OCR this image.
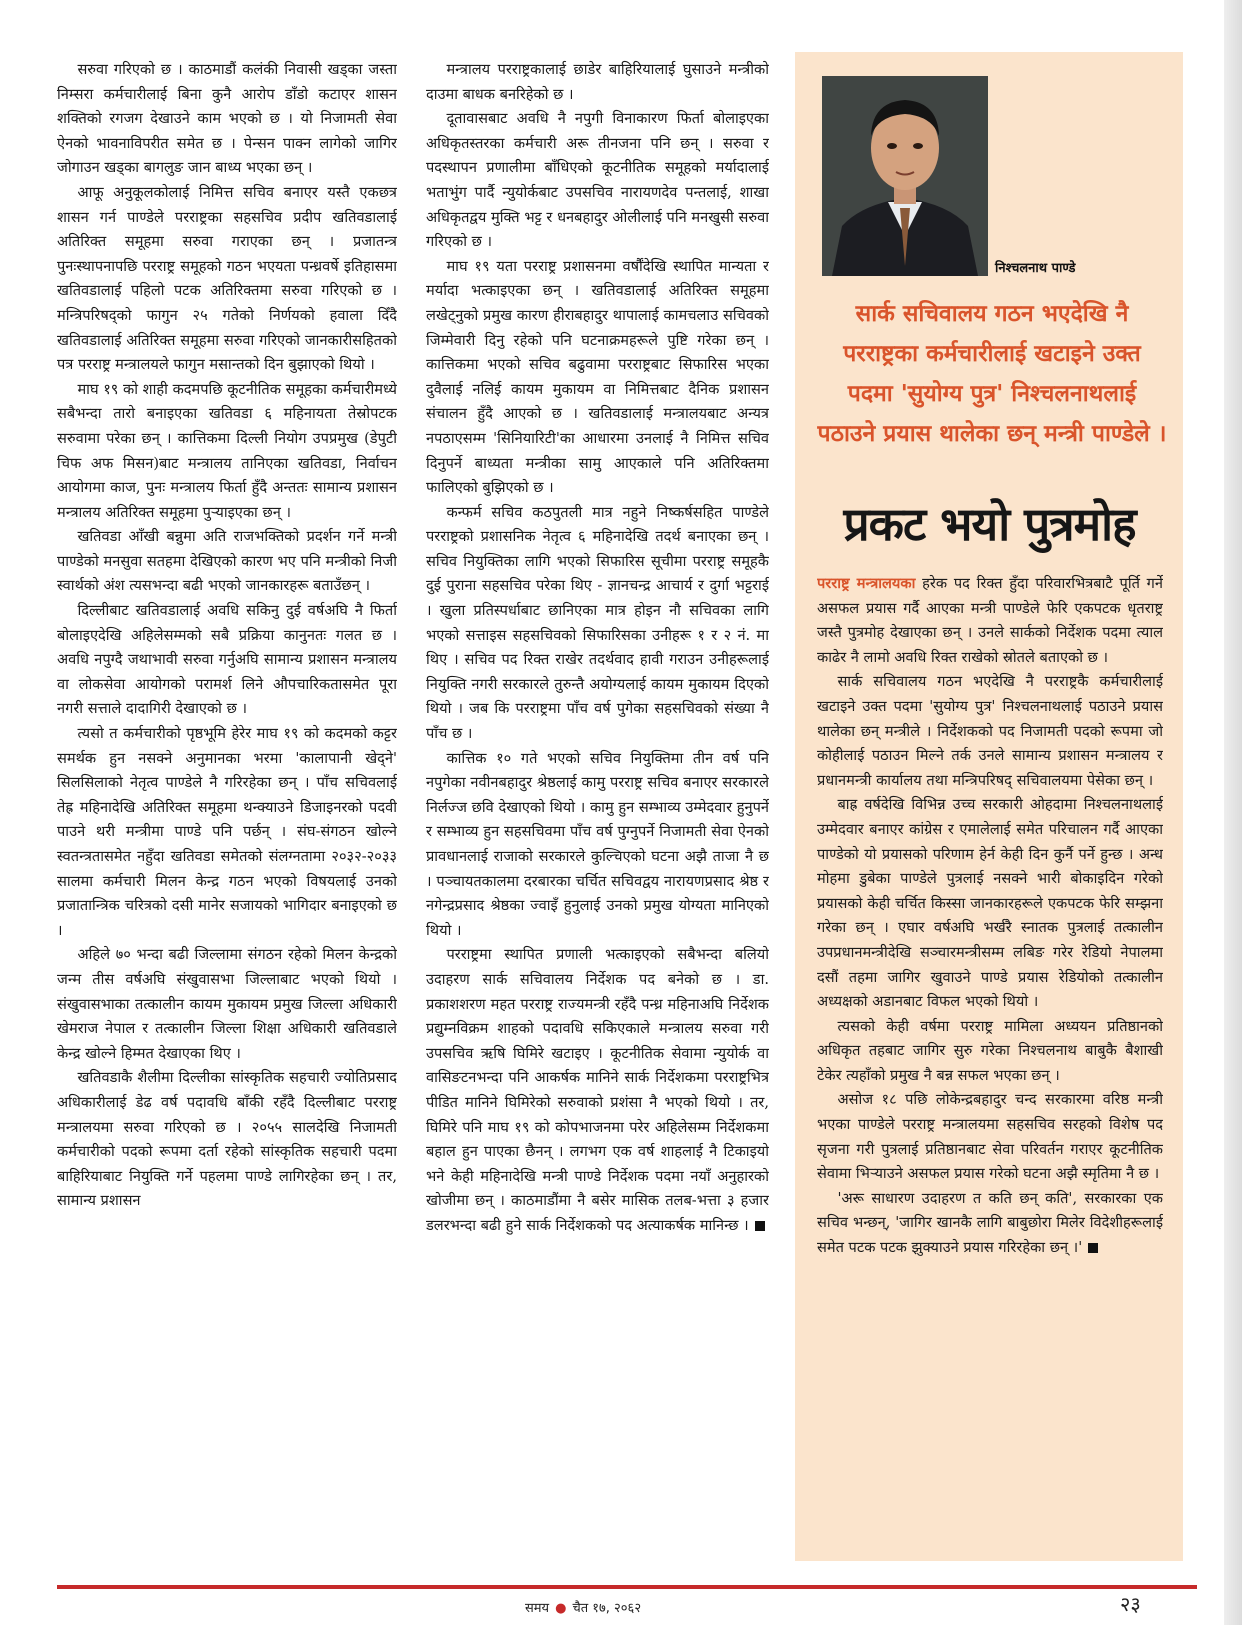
सरुवा गरिएको छ । काठमाडौं कलंकी निवासी खड्का जस्ता निम्सरा कर्मचारीलाई बिना कुनै आरोप डाँडो कटाएर शासन शक्तिको रगजग देखाउने काम भएको छ । यो निजामती सेवा ऐनको भावनाविपरीत समेत छ । पेन्सन पाक्न लागेको जागिर जोगाउन खड्का बागलुङ जान बाध्य भएका छन् ।

आफू अनुकूलकोलाई निमित्त सचिव बनाएर यस्तै एकछत्र शासन गर्न पाण्डेले परराष्ट्रका सहसचिव प्रदीप खतिवडालाई अतिरिक्त समूहमा सरुवा गराएका छन् । प्रजातन्त्र पुनःस्थापनापछि परराष्ट्र समूहको गठन भएयता पन्ध्रवर्षे इतिहासमा खतिवडालाई पहिलो पटक अतिरिक्तमा सरुवा गरिएको छ । मन्त्रिपरिषद्को फागुन २५ गतेको निर्णयको हवाला दिँदै खतिवडालाई अतिरिक्त समूहमा सरुवा गरिएको जानकारीसहितको पत्र परराष्ट्र मन्त्रालयले फागुन मसान्तको दिन बुझाएको थियो ।

माघ १९ को शाही कदमपछि कूटनीतिक समूहका कर्मचारीमध्ये सबैभन्दा तारो बनाइएका खतिवडा ६ महिनायता तेस्रोपटक सरुवामा परेका छन् । कात्तिकमा दिल्ली नियोग उपप्रमुख (डेपुटी चिफ अफ मिसन)बाट मन्त्रालय तानिएका खतिवडा, निर्वाचन आयोगमा काज, पुनः मन्त्रालय फिर्ता हुँदै अन्ततः सामान्य प्रशासन मन्त्रालय अतिरिक्त समूहमा पुऱ्याइएका छन् ।

खतिवडा आँखी बन्नुमा अति राजभक्तिको प्रदर्शन गर्ने मन्त्री पाण्डेको मनसुवा सतहमा देखिएको कारण भए पनि मन्त्रीको निजी स्वार्थको अंश त्यसभन्दा बढी भएको जानकारहरू बताउँछन् ।

दिल्लीबाट खतिवडालाई अवधि सकिनु दुई वर्षअघि नै फिर्ता बोलाइएदेखि अहिलेसम्मको सबै प्रक्रिया कानुनतः गलत छ । अवधि नपुग्दै जथाभावी सरुवा गर्नुअघि सामान्य प्रशासन मन्त्रालय वा लोकसेवा आयोगको परामर्श लिने औपचारिकतासमेत पूरा नगरी सत्ताले दादागिरी देखाएको छ ।

त्यसो त कर्मचारीको पृष्ठभूमि हेरेर माघ १९ को कदमको कट्टर समर्थक हुन नसक्ने अनुमानका भरमा 'कालापानी खेद्ने' सिलसिलाको नेतृत्व पाण्डेले नै गरिरहेका छन् । पाँच सचिवलाई तेह्र महिनादेखि अतिरिक्त समूहमा थन्क्याउने डिजाइनरको पदवी पाउने थरी मन्त्रीमा पाण्डे पनि पर्छन् । संघ-संगठन खोल्ने स्वतन्त्रतासमेत नहुँदा खतिवडा समेतको संलग्नतामा २०३२-२०३३ सालमा कर्मचारी मिलन केन्द्र गठन भएको विषयलाई उनको प्रजातान्त्रिक चरित्रको दसी मानेर सजायको भागिदार बनाइएको छ ।

अहिले ७० भन्दा बढी जिल्लामा संगठन रहेको मिलन केन्द्रको जन्म तीस वर्षअघि संखुवासभा जिल्लाबाट भएको थियो । संखुवासभाका तत्कालीन कायम मुकायम प्रमुख जिल्ला अधिकारी खेमराज नेपाल र तत्कालीन जिल्ला शिक्षा अधिकारी खतिवडाले केन्द्र खोल्ने हिम्मत देखाएका थिए ।

खतिवडाकै शैलीमा दिल्लीका सांस्कृतिक सहचारी ज्योतिप्रसाद अधिकारीलाई डेढ वर्ष पदावधि बाँकी रहँदै दिल्लीबाट परराष्ट्र मन्त्रालयमा सरुवा गरिएको छ । २०५५ सालदेखि निजामती कर्मचारीको पदको रूपमा दर्ता रहेको सांस्कृतिक सहचारी पदमा बाहिरियाबाट नियुक्ति गर्ने पहलमा पाण्डे लागिरहेका छन् । तर, सामान्य प्रशासन

मन्त्रालय परराष्ट्रकालाई छाडेर बाहिरियालाई घुसाउने मन्त्रीको दाउमा बाधक बनरिहेको छ ।

दूतावासबाट अवधि नै नपुगी विनाकारण फिर्ता बोलाइएका अधिकृतस्तरका कर्मचारी अरू तीनजना पनि छन् । सरुवा र पदस्थापन प्रणालीमा बाँधिएको कूटनीतिक समूहको मर्यादालाई भताभुंग पार्दै न्युयोर्कबाट उपसचिव नारायणदेव पन्तलाई, शाखा अधिकृतद्वय मुक्ति भट्ट र धनबहादुर ओलीलाई पनि मनखुसी सरुवा गरिएको छ ।

माघ १९ यता परराष्ट्र प्रशासनमा वर्षौंदेखि स्थापित मान्यता र मर्यादा भत्काइएका छन् । खतिवडालाई अतिरिक्त समूहमा लखेट्नुको प्रमुख कारण हीराबहादुर थापालाई कामचलाउ सचिवको जिम्मेवारी दिनु रहेको पनि घटनाक्रमहरूले पुष्टि गरेका छन् । कात्तिकमा भएको सचिव बढुवामा परराष्ट्रबाट सिफारिस भएका दुवैलाई नलिई कायम मुकायम वा निमित्तबाट दैनिक प्रशासन संचालन हुँदै आएको छ । खतिवडालाई मन्त्रालयबाट अन्यत्र नपठाएसम्म 'सिनियारिटी'का आधारमा उनलाई नै निमित्त सचिव दिनुपर्ने बाध्यता मन्त्रीका सामु आएकाले पनि अतिरिक्तमा फालिएको बुझिएको छ ।

कन्फर्म सचिव कठपुतली मात्र नहुने निष्कर्षसहित पाण्डेले परराष्ट्रको प्रशासनिक नेतृत्व ६ महिनादेखि तदर्थ बनाएका छन् । सचिव नियुक्तिका लागि भएको सिफारिस सूचीमा परराष्ट्र समूहकै दुई पुराना सहसचिव परेका थिए - ज्ञानचन्द्र आचार्य र दुर्गा भट्टराई । खुला प्रतिस्पर्धाबाट छानिएका मात्र होइन नौ सचिवका लागि भएको सत्ताइस सहसचिवको सिफारिसका उनीहरू १ र २ नं. मा थिए । सचिव पद रिक्त राखेर तदर्थवाद हावी गराउन उनीहरूलाई नियुक्ति नगरी सरकारले तुरुन्तै अयोग्यलाई कायम मुकायम दिएको थियो । जब कि परराष्ट्रमा पाँच वर्ष पुगेका सहसचिवको संख्या नै पाँच छ ।

कात्तिक १० गते भएको सचिव नियुक्तिमा तीन वर्ष पनि नपुगेका नवीनबहादुर श्रेष्ठलाई कामु परराष्ट्र सचिव बनाएर सरकारले निर्लज्ज छवि देखाएको थियो । कामु हुन सम्भाव्य उम्मेदवार हुनुपर्ने र सम्भाव्य हुन सहसचिवमा पाँच वर्ष पुग्नुपर्ने निजामती सेवा ऐनको प्रावधानलाई राजाको सरकारले कुल्चिएको घटना अझै ताजा नै छ । पञ्चायतकालमा दरबारका चर्चित सचिवद्वय नारायणप्रसाद श्रेष्ठ र नगेन्द्रप्रसाद श्रेष्ठका ज्वाइँ हुनुलाई उनको प्रमुख योग्यता मानिएको थियो ।

परराष्ट्रमा स्थापित प्रणाली भत्काइएको सबैभन्दा बलियो उदाहरण सार्क सचिवालय निर्देशक पद बनेको छ । डा. प्रकाशशरण महत परराष्ट्र राज्यमन्त्री रहँदै पन्ध्र महिनाअघि निर्देशक प्रद्युम्नविक्रम शाहको पदावधि सकिएकाले मन्त्रालय सरुवा गरी उपसचिव ऋषि घिमिरे खटाइए । कूटनीतिक सेवामा न्युयोर्क वा वासिङटनभन्दा पनि आकर्षक मानिने सार्क निर्देशकमा परराष्ट्रभित्र पीडित मानिने घिमिरेको सरुवाको प्रशंसा नै भएको थियो । तर, घिमिरे पनि माघ १९ को कोपभाजनमा परेर अहिलेसम्म निर्देशकमा बहाल हुन पाएका छैनन् । लगभग एक वर्ष शाहलाई नै टिकाइयो भने केही महिनादेखि मन्त्री पाण्डे निर्देशक पदमा नयाँ अनुहारको खोजीमा छन् । काठमाडौंमा नै बसेर मासिक तलब-भत्ता ३ हजार डलरभन्दा बढी हुने सार्क निर्देशकको पद अत्याकर्षक मानिन्छ ।

निश्चलनाथ पाण्डे
सार्क सचिवालय गठन भएदेखि नै परराष्ट्रका कर्मचारीलाई खटाइने उक्त पदमा 'सुयोग्य पुत्र' निश्चलनाथलाई पठाउने प्रयास थालेका छन् मन्त्री पाण्डेले ।
प्रकट भयो पुत्रमोह

परराष्ट्र मन्त्रालयका हरेक पद रिक्त हुँदा परिवारभित्रबाटै पूर्ति गर्ने असफल प्रयास गर्दै आएका मन्त्री पाण्डेले फेरि एकपटक धृतराष्ट्र जस्तै पुत्रमोह देखाएका छन् । उनले सार्कको निर्देशक पदमा त्याल काढेर नै लामो अवधि रिक्त राखेको स्रोतले बताएको छ ।

सार्क सचिवालय गठन भएदेखि नै परराष्ट्रकै कर्मचारीलाई खटाइने उक्त पदमा 'सुयोग्य पुत्र' निश्चलनाथलाई पठाउने प्रयास थालेका छन् मन्त्रीले । निर्देशकको पद निजामती पदको रूपमा जो कोहीलाई पठाउन मिल्ने तर्क उनले सामान्य प्रशासन मन्त्रालय र प्रधानमन्त्री कार्यालय तथा मन्त्रिपरिषद् सचिवालयमा पेसेका छन् ।

बाह्र वर्षदेखि विभिन्न उच्च सरकारी ओहदामा निश्चलनाथलाई उम्मेदवार बनाएर कांग्रेस र एमालेलाई समेत परिचालन गर्दै आएका पाण्डेको यो प्रयासको परिणाम हेर्न केही दिन कुर्नै पर्ने हुन्छ । अन्ध मोहमा डुबेका पाण्डेले पुत्रलाई नसक्ने भारी बोकाइदिन गरेको प्रयासको केही चर्चित किस्सा जानकारहरूले एकपटक फेरि सम्झना गरेका छन् । एघार वर्षअघि भर्खरै स्नातक पुत्रलाई तत्कालीन उपप्रधानमन्त्रीदेखि सञ्चारमन्त्रीसम्म लबिङ गरेर रेडियो नेपालमा दसौं तहमा जागिर खुवाउने पाण्डे प्रयास रेडियोको तत्कालीन अध्यक्षको अडानबाट विफल भएको थियो ।

त्यसको केही वर्षमा परराष्ट्र मामिला अध्ययन प्रतिष्ठानको अधिकृत तहबाट जागिर सुरु गरेका निश्चलनाथ बाबुकै बैशाखी टेकेर त्यहाँको प्रमुख नै बन्न सफल भएका छन् ।

असोज १८ पछि लोकेन्द्रबहादुर चन्द सरकारमा वरिष्ठ मन्त्री भएका पाण्डेले परराष्ट्र मन्त्रालयमा सहसचिव सरहको विशेष पद सृजना गरी पुत्रलाई प्रतिष्ठानबाट सेवा परिवर्तन गराएर कूटनीतिक सेवामा भिऱ्याउने असफल प्रयास गरेको घटना अझै स्मृतिमा नै छ ।

'अरू साधारण उदाहरण त कति छन् कति', सरकारका एक सचिव भन्छन्, 'जागिर खानकै लागि बाबुछोरा मिलेर विदेशीहरूलाई समेत पटक पटक झुक्याउने प्रयास गरिरहेका छन् ।'

समय ● चैत १७, २०६२	२३
